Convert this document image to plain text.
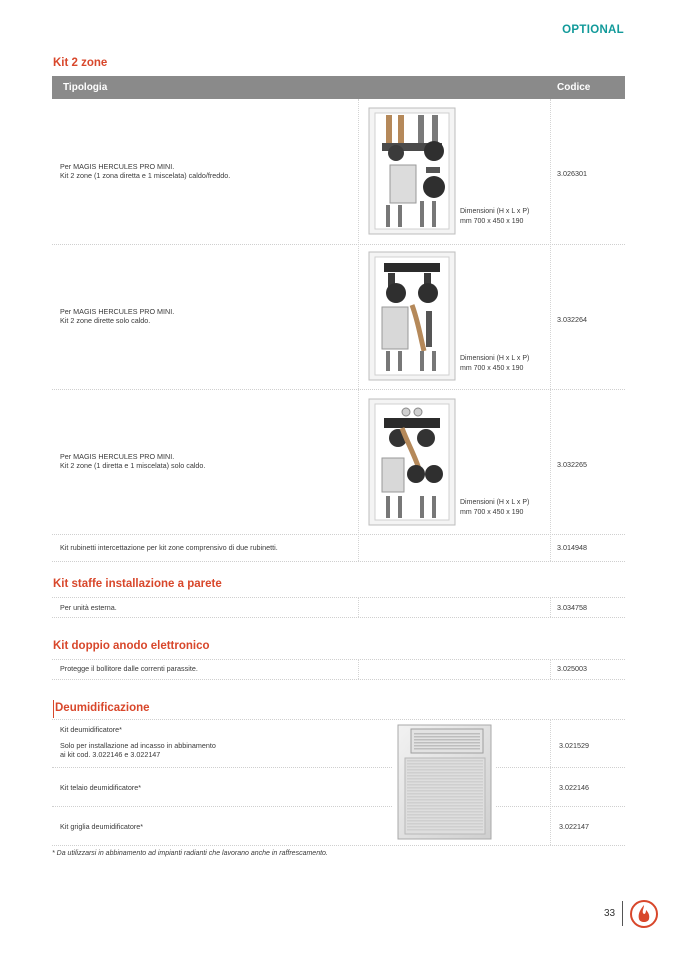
OPTIONAL
Kit 2 zone
Tipologia	Codice
Per MAGIS HERCULES PRO MINI.
Kit 2 zone (1 zona diretta e 1 miscelata) caldo/freddo.
Dimensioni (H x L x P)
mm 700 x 450 x 190
3.026301
Per MAGIS HERCULES PRO MINI.
Kit 2 zone dirette solo caldo.
Dimensioni (H x L x P)
mm 700 x 450 x 190
3.032264
Per MAGIS HERCULES PRO MINI.
Kit 2 zone (1 diretta e 1 miscelata) solo caldo.
Dimensioni (H x L x P)
mm 700 x 450 x 190
3.032265
Kit rubinetti intercettazione per kit zone comprensivo di due rubinetti.	3.014948
Kit staffe installazione a parete
Per unità esterna.	3.034758
Kit doppio anodo elettronico
Protegge il bollitore dalle correnti parassite.	3.025003
Deumidificazione
Kit deumidificatore*
Solo per installazione ad incasso in abbinamento
ai kit cod. 3.022146 e 3.022147
3.021529
Kit telaio deumidificatore*	3.022146
Kit griglia deumidificatore*	3.022147
* Da utilizzarsi in abbinamento ad impianti radianti che lavorano anche in raffrescamento.
33
